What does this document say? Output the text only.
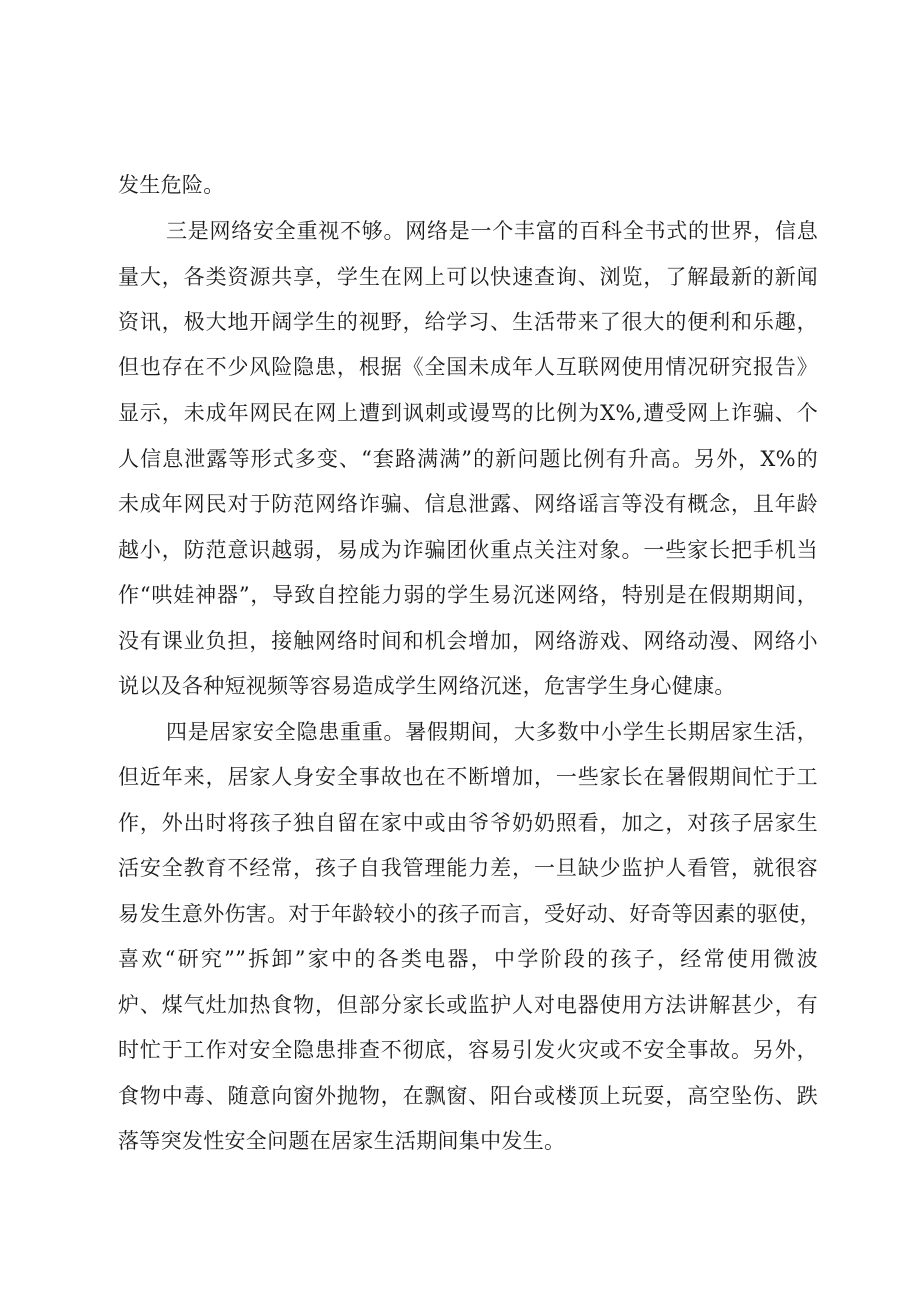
发生危险。
三是网络安全重视不够。网络是一个丰富的百科全书式的世界，信息
量大，各类资源共享，学生在网上可以快速查询、浏览，了解最新的新闻
资讯，极大地开阔学生的视野，给学习、生活带来了很大的便利和乐趣，
但也存在不少风险隐患，根据《全国未成年人互联网使用情况研究报告》
显示，未成年网民在网上遭到讽刺或谩骂的比例为X%,遭受网上诈骗、个
人信息泄露等形式多变、“套路满满”的新问题比例有升高。另外，X%的
未成年网民对于防范网络诈骗、信息泄露、网络谣言等没有概念，且年龄
越小，防范意识越弱，易成为诈骗团伙重点关注对象。一些家长把手机当
作“哄娃神器”，导致自控能力弱的学生易沉迷网络，特别是在假期期间，
没有课业负担，接触网络时间和机会增加，网络游戏、网络动漫、网络小
说以及各种短视频等容易造成学生网络沉迷，危害学生身心健康。
四是居家安全隐患重重。暑假期间，大多数中小学生长期居家生活，
但近年来，居家人身安全事故也在不断增加，一些家长在暑假期间忙于工
作，外出时将孩子独自留在家中或由爷爷奶奶照看，加之，对孩子居家生
活安全教育不经常，孩子自我管理能力差，一旦缺少监护人看管，就很容
易发生意外伤害。对于年龄较小的孩子而言，受好动、好奇等因素的驱使，
喜欢“研究””拆卸”家中的各类电器，中学阶段的孩子，经常使用微波
炉、煤气灶加热食物，但部分家长或监护人对电器使用方法讲解甚少，有
时忙于工作对安全隐患排查不彻底，容易引发火灾或不安全事故。另外，
食物中毒、随意向窗外抛物，在飘窗、阳台或楼顶上玩耍，高空坠伤、跌
落等突发性安全问题在居家生活期间集中发生。
